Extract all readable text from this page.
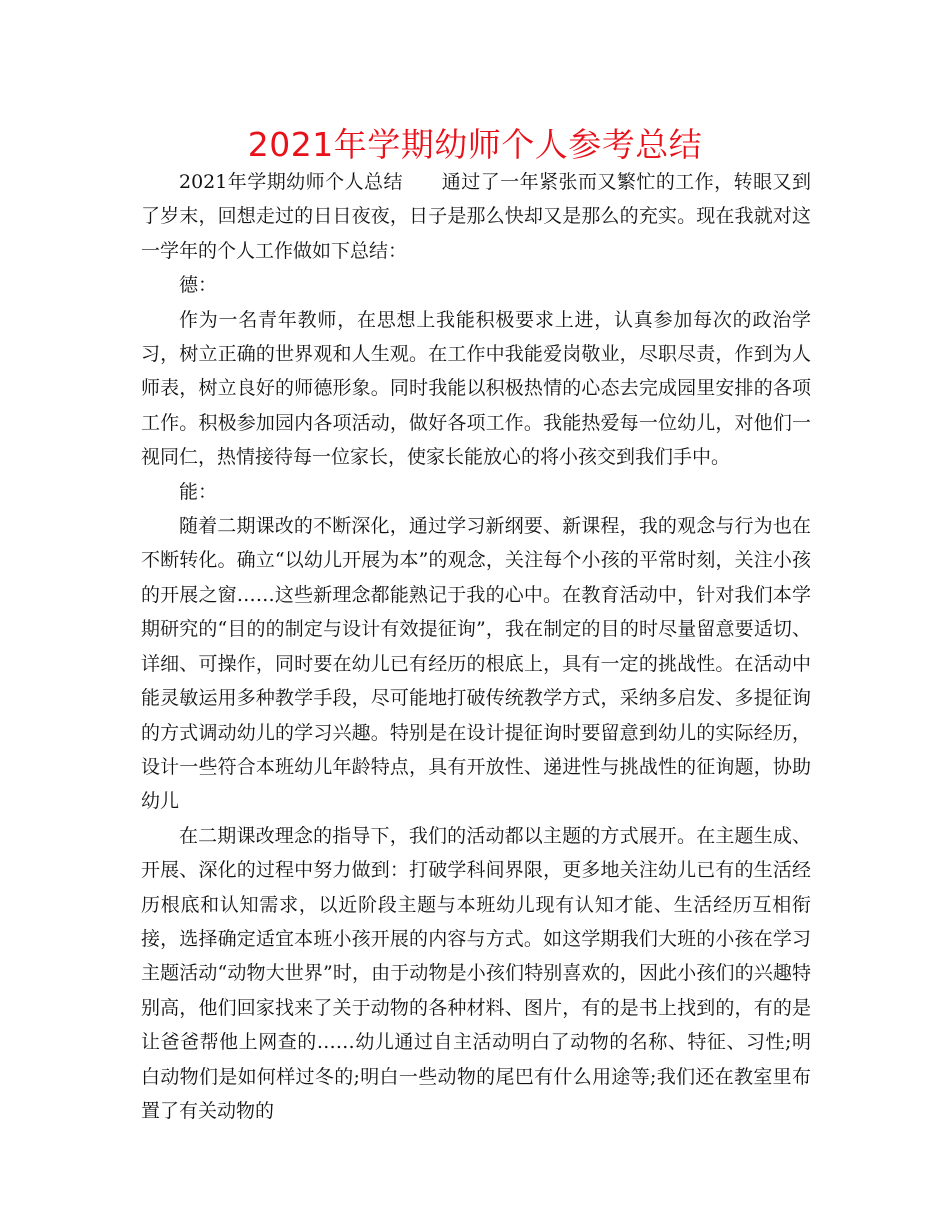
2021年学期幼师个人参考总结

2021年学期幼师个人总结　　通过了一年紧张而又繁忙的工作，转眼又到了岁末，回想走过的日日夜夜，日子是那么快却又是那么的充实。现在我就对这一学年的个人工作做如下总结：

德：

作为一名青年教师，在思想上我能积极要求上进，认真参加每次的政治学习，树立正确的世界观和人生观。在工作中我能爱岗敬业，尽职尽责，作到为人师表，树立良好的师德形象。同时我能以积极热情的心态去完成园里安排的各项工作。积极参加园内各项活动，做好各项工作。我能热爱每一位幼儿，对他们一视同仁，热情接待每一位家长，使家长能放心的将小孩交到我们手中。

能：

随着二期课改的不断深化，通过学习新纲要、新课程，我的观念与行为也在不断转化。确立“以幼儿开展为本”的观念，关注每个小孩的平常时刻，关注小孩的开展之窗……这些新理念都能熟记于我的心中。在教育活动中，针对我们本学期研究的“目的的制定与设计有效提征询”，我在制定的目的时尽量留意要适切、详细、可操作，同时要在幼儿已有经历的根底上，具有一定的挑战性。在活动中能灵敏运用多种教学手段，尽可能地打破传统教学方式，采纳多启发、多提征询的方式调动幼儿的学习兴趣。特别是在设计提征询时要留意到幼儿的实际经历，设计一些符合本班幼儿年龄特点，具有开放性、递进性与挑战性的征询题，协助幼儿

在二期课改理念的指导下，我们的活动都以主题的方式展开。在主题生成、开展、深化的过程中努力做到：打破学科间界限，更多地关注幼儿已有的生活经历根底和认知需求，以近阶段主题与本班幼儿现有认知才能、生活经历互相衔接，选择确定适宜本班小孩开展的内容与方式。如这学期我们大班的小孩在学习主题活动“动物大世界”时，由于动物是小孩们特别喜欢的，因此小孩们的兴趣特别高，他们回家找来了关于动物的各种材料、图片，有的是书上找到的，有的是让爸爸帮他上网查的……幼儿通过自主活动明白了动物的名称、特征、习性;明白动物们是如何样过冬的;明白一些动物的尾巴有什么用途等;我们还在教室里布置了有关动物的
